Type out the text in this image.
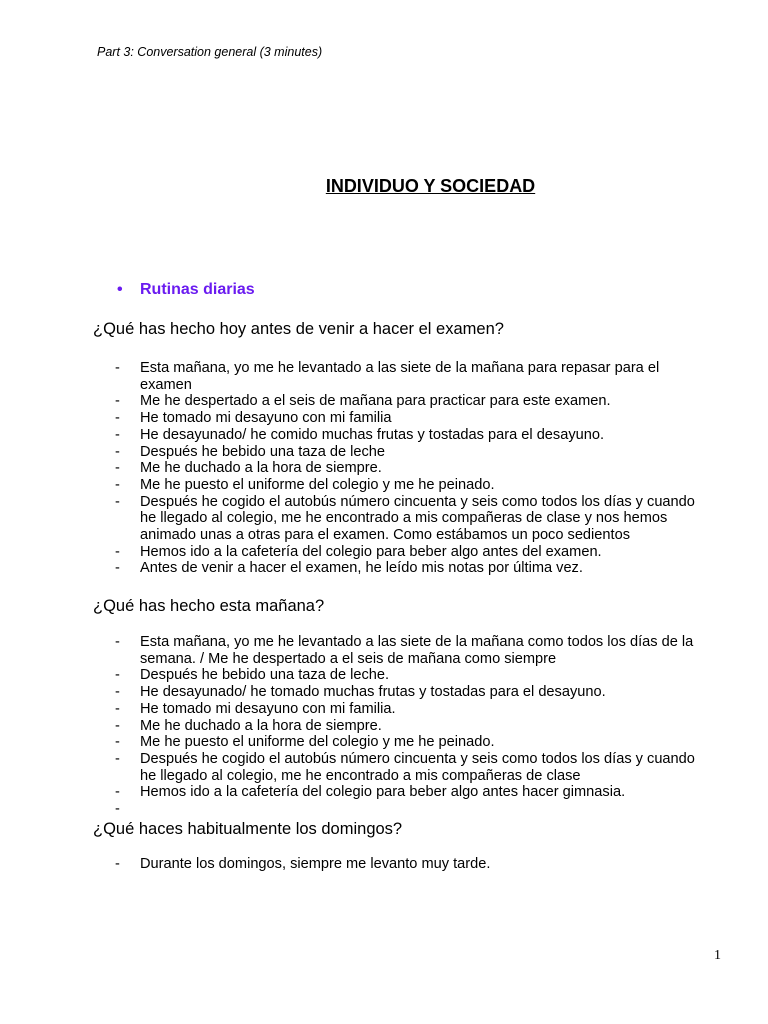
Part 3: Conversation general (3 minutes)
INDIVIDUO Y SOCIEDAD
•	Rutinas diarias
¿Qué has hecho hoy antes de venir a hacer el examen?
-	Esta mañana, yo me he levantado a las siete de la mañana para repasar para el examen
-	Me he despertado a el seis de mañana para practicar para este examen.
-	He tomado mi desayuno con mi familia
-	He desayunado/ he comido muchas frutas y tostadas para el desayuno.
-	Después he bebido una taza de leche
-	Me he duchado a la hora de siempre.
-	Me he puesto el uniforme del colegio y me he peinado.
-	Después he cogido el autobús número cincuenta y seis como todos los días y cuando he llegado al colegio, me he encontrado a mis compañeras de clase y nos hemos animado unas a otras para el examen. Como estábamos un poco sedientos
-	Hemos ido a la cafetería del colegio para beber algo antes del examen.
-	Antes de venir a hacer el examen, he leído mis notas por última vez.
¿Qué has hecho esta mañana?
-	Esta mañana, yo me he levantado a las siete de la mañana como todos los días de la semana. / Me he despertado a el seis de mañana como siempre
-	Después he bebido una taza de leche.
-	He desayunado/ he tomado muchas frutas y tostadas para el desayuno.
-	He tomado mi desayuno con mi familia.
-	Me he duchado a la hora de siempre.
-	Me he puesto el uniforme del colegio y me he peinado.
-	Después he cogido el autobús número cincuenta y seis como todos los días y cuando he llegado al colegio, me he encontrado a mis compañeras de clase
-	Hemos ido a la cafetería del colegio para beber algo antes hacer gimnasia.
-
¿Qué haces habitualmente los domingos?
-	Durante los domingos, siempre me levanto muy tarde.
1
